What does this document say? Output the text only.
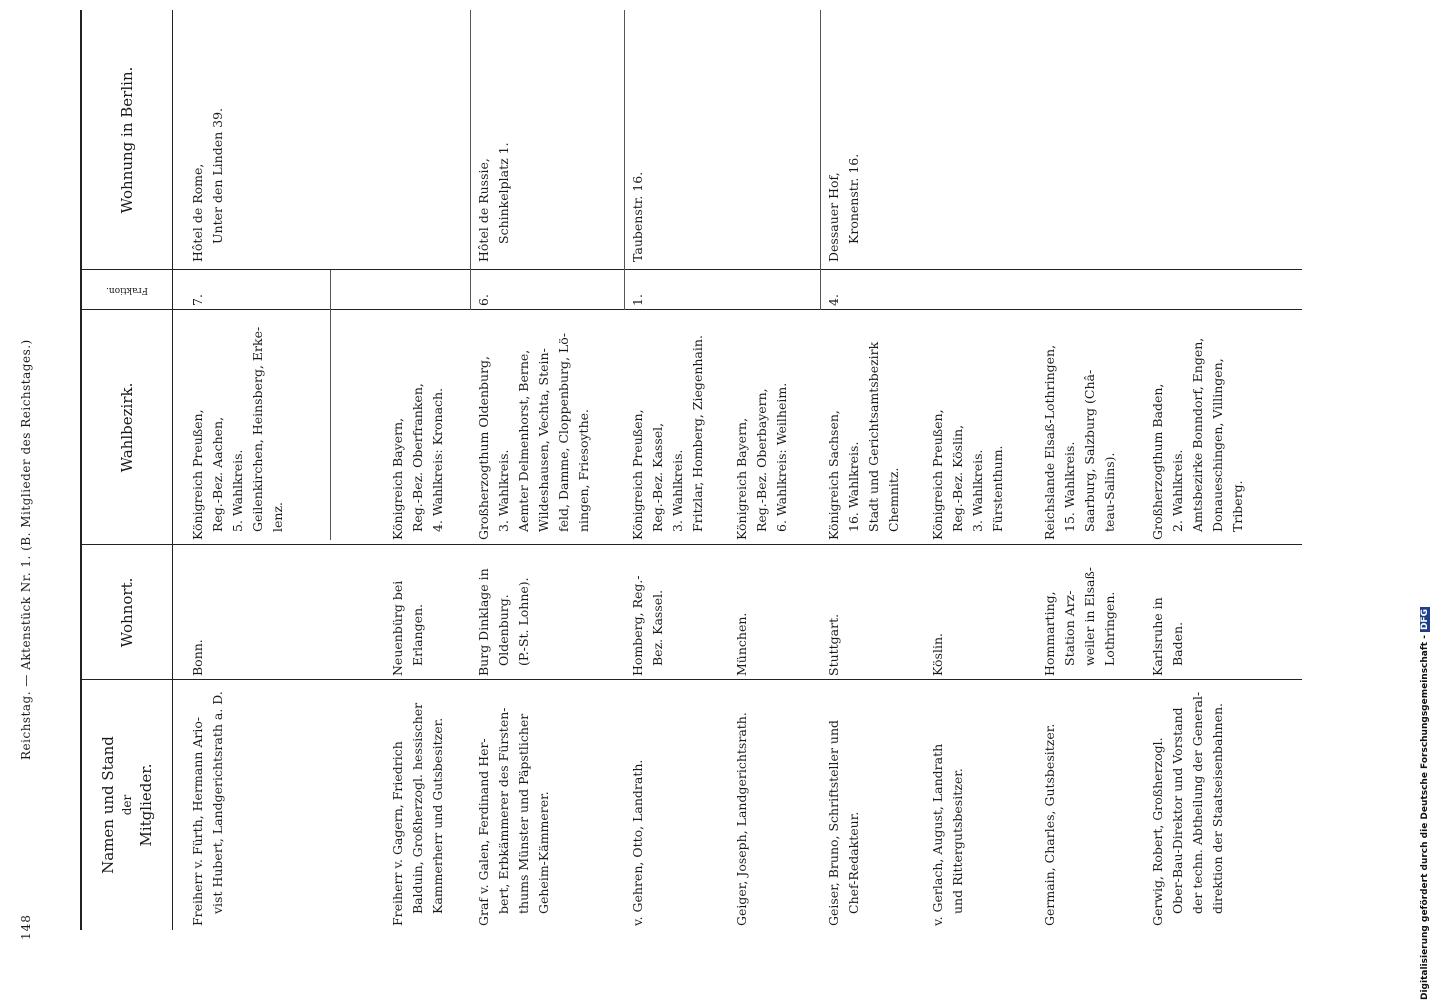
148
Reichstag. — Aktenstück Nr. 1. (B. Mitglieder des Reichstages.)
Namen und Stand der Mitglieder.
Wohnort.
Wahlbezirk.
Fraktion.
Wohnung in Berlin.
Freiherr v. Fürth, Hermann Ario- vist Hubert, Landgerichtsrath a. D.
Bonn.
Königreich Preußen, Reg.-Bez. Aachen, 5. Wahlkreis. Geilenkirchen, Heinsberg, Erke- lenz.
7.
Hôtel de Rome, Unter den Linden 39.
Freiherr v. Gagern, Friedrich Balduin, Großherzogl. hessischer Kammerherr und Gutsbesitzer.
Neuenbürg bei Erlangen.
Königreich Bayern, Reg.-Bez. Oberfranken, 4. Wahlkreis: Kronach.
Graf v. Galen, Ferdinand Her- bert, Erbkämmerer des Fürsten- thums Münster und Päpstlicher Geheim-Kämmerer.
Burg Dinklage in Oldenburg. (P.-St. Lohne).
Großherzogthum Oldenburg, 3. Wahlkreis. Aemter Delmenhorst, Berne, Wildeshausen, Vechta, Stein- feld, Damme, Cloppenburg, Lö- ningen, Friesoythe.
6.
Hôtel de Russie, Schinkelplatz 1.
v. Gehren, Otto, Landrath.
Homberg, Reg.- Bez. Kassel.
Königreich Preußen, Reg.-Bez. Kassel, 3. Wahlkreis. Fritzlar, Homberg, Ziegenhain.
1.
Taubenstr. 16.
Geiger, Joseph, Landgerichtsrath.
München.
Königreich Bayern, Reg.-Bez. Oberbayern, 6. Wahlkreis: Weilheim.
Geiser, Bruno, Schriftsteller und Chef-Redakteur.
Stuttgart.
Königreich Sachsen, 16. Wahlkreis. Stadt und Gerichtsamtsbezirk Chemnitz.
4.
Dessauer Hof, Kronenstr. 16.
v. Gerlach, August, Landrath und Rittergutsbesitzer.
Köslin.
Königreich Preußen, Reg.-Bez. Köslin, 3. Wahlkreis. Fürstenthum.
Germain, Charles, Gutsbesitzer.
Hommarting, Station Arz- weiler in Elsaß- Lothringen.
Reichslande Elsaß-Lothringen, 15. Wahlkreis. Saarburg, Salzburg (Châ- teau-Salins).
Gerwig, Robert, Großherzogl. Ober-Bau-Direktor und Vorstand der techn. Abtheilung der General- direktion der Staatseisenbahnen.
Karlsruhe in Baden.
Großherzogthum Baden, 2. Wahlkreis. Amtsbezirke Bonndorf, Engen, Donaueschingen, Villingen, Triberg.
Digitalisierung gefördert durch die Deutsche Forschungsgemeinschaft -DFG
